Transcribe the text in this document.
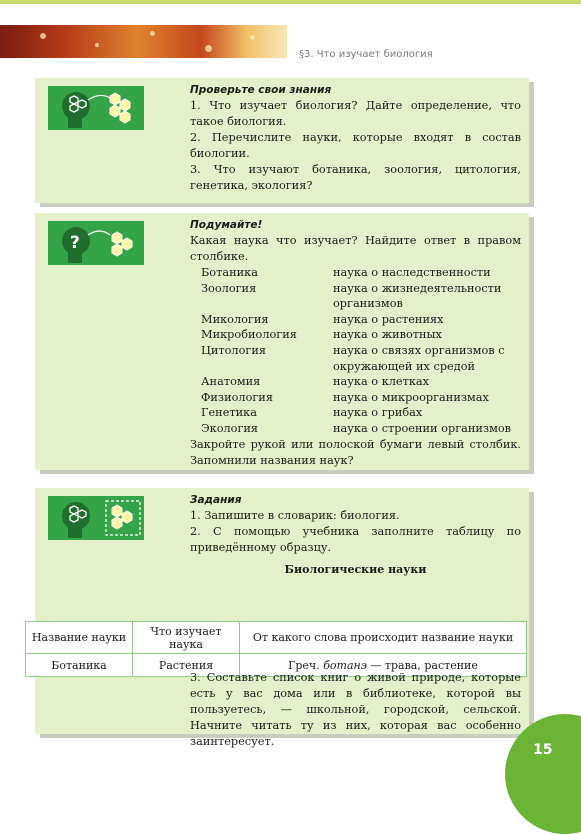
§3. Что изучает биология
Проверьте свои знания
1. Что изучает биология? Дайте определение, что такое биология.
2. Перечислите науки, которые входят в состав биологии.
3. Что изучают ботаника, зоология, цитология, генетика, экология?
?
Подумайте!
Какая наука что изучает? Найдите ответ в правом столбике.
Ботаника	наука о наследственности
Зоология	наука о жизнедеятельности организмов
Микология	наука о растениях
Микробиология	наука о животных
Цитология	наука о связях организмов с окружающей их средой
Анатомия	наука о клетках
Физиология	наука о микроорганизмах
Генетика	наука о грибах
Экология	наука о строении организмов
Закройте рукой или полоской бумаги левый столбик. Запомнили названия наук?
Задания
1. Запишите в словарик: биология.
2. С помощью учебника заполните таблицу по приведённому образцу.
Биологические науки
Название науки	Что изучает наука	От какого слова происходит название науки
Ботаника	Растения	Греч. ботанэ — трава, растение
3. Составьте список книг о живой природе, которые есть у вас дома или в библиотеке, которой вы пользуетесь, — школьной, городской, сельской. Начните читать ту из них, которая вас особенно заинтересует.
15
